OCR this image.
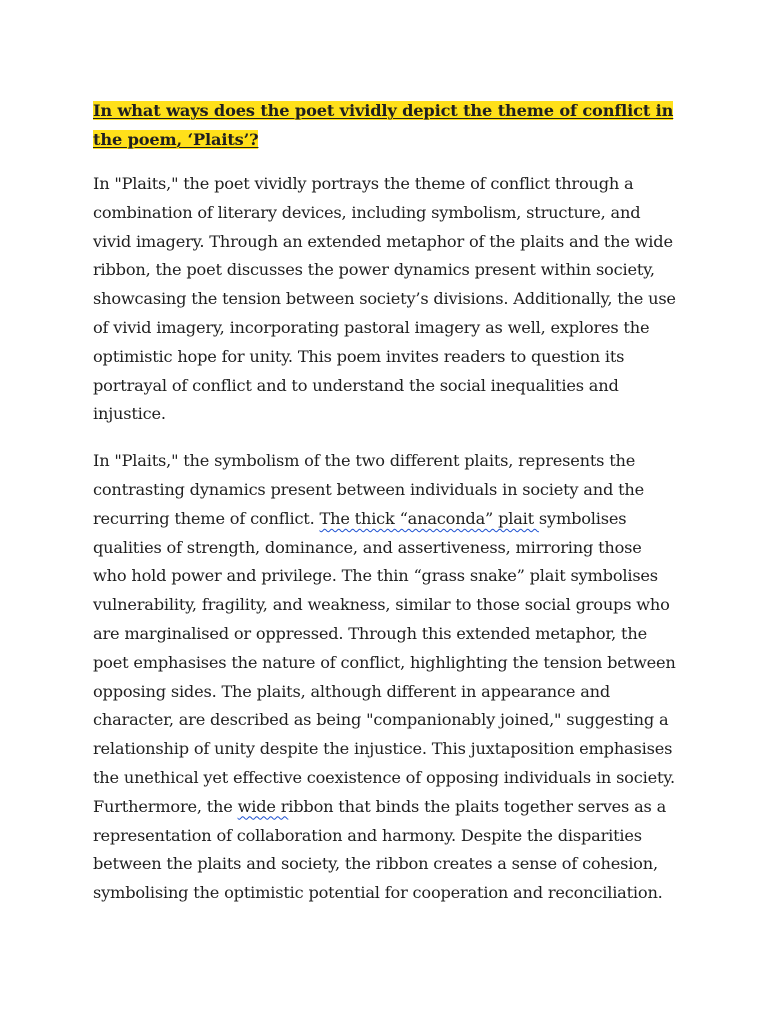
In what ways does the poet vividly depict the theme of conflict in the poem, ‘Plaits’?

In "Plaits," the poet vividly portrays the theme of conflict through a combination of literary devices, including symbolism, structure, and vivid imagery. Through an extended metaphor of the plaits and the wide ribbon, the poet discusses the power dynamics present within society, showcasing the tension between society’s divisions. Additionally, the use of vivid imagery, incorporating pastoral imagery as well, explores the optimistic hope for unity. This poem invites readers to question its portrayal of conflict and to understand the social inequalities and injustice.

In "Plaits," the symbolism of the two different plaits, represents the contrasting dynamics present between individuals in society and the recurring theme of conflict. The thick “anaconda” plait symbolises qualities of strength, dominance, and assertiveness, mirroring those who hold power and privilege. The thin “grass snake” plait symbolises vulnerability, fragility, and weakness, similar to those social groups who are marginalised or oppressed. Through this extended metaphor, the poet emphasises the nature of conflict, highlighting the tension between opposing sides. The plaits, although different in appearance and character, are described as being "companionably joined," suggesting a relationship of unity despite the injustice. This juxtaposition emphasises the unethical yet effective coexistence of opposing individuals in society. Furthermore, the wide ribbon that binds the plaits together serves as a representation of collaboration and harmony. Despite the disparities between the plaits and society, the ribbon creates a sense of cohesion, symbolising the optimistic potential for cooperation and reconciliation.
